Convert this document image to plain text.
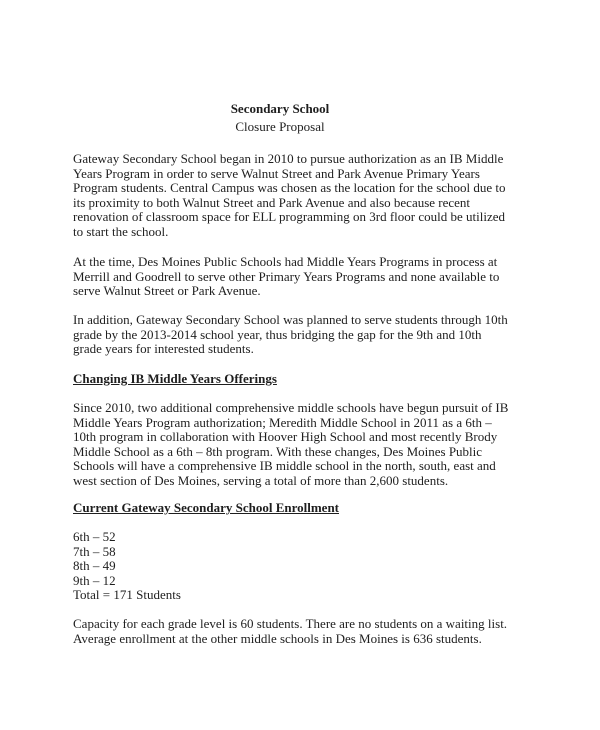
Secondary School
Closure Proposal
Gateway Secondary School began in 2010 to pursue authorization as an IB Middle
Years Program in order to serve Walnut Street and Park Avenue Primary Years
Program students. Central Campus was chosen as the location for the school due to
its proximity to both Walnut Street and Park Avenue and also because recent
renovation of classroom space for ELL programming on 3rd floor could be utilized
to start the school.
At the time, Des Moines Public Schools had Middle Years Programs in process at
Merrill and Goodrell to serve other Primary Years Programs and none available to
serve Walnut Street or Park Avenue.
In addition, Gateway Secondary School was planned to serve students through 10th
grade by the 2013-2014 school year, thus bridging the gap for the 9th and 10th
grade years for interested students.
Changing IB Middle Years Offerings
Since 2010, two additional comprehensive middle schools have begun pursuit of IB
Middle Years Program authorization; Meredith Middle School in 2011 as a 6th –
10th program in collaboration with Hoover High School and most recently Brody
Middle School as a 6th – 8th program. With these changes, Des Moines Public
Schools will have a comprehensive IB middle school in the north, south, east and
west section of Des Moines, serving a total of more than 2,600 students.
Current Gateway Secondary School Enrollment
6th – 52
7th – 58
8th – 49
9th – 12
Total = 171 Students
Capacity for each grade level is 60 students. There are no students on a waiting list.
Average enrollment at the other middle schools in Des Moines is 636 students.
